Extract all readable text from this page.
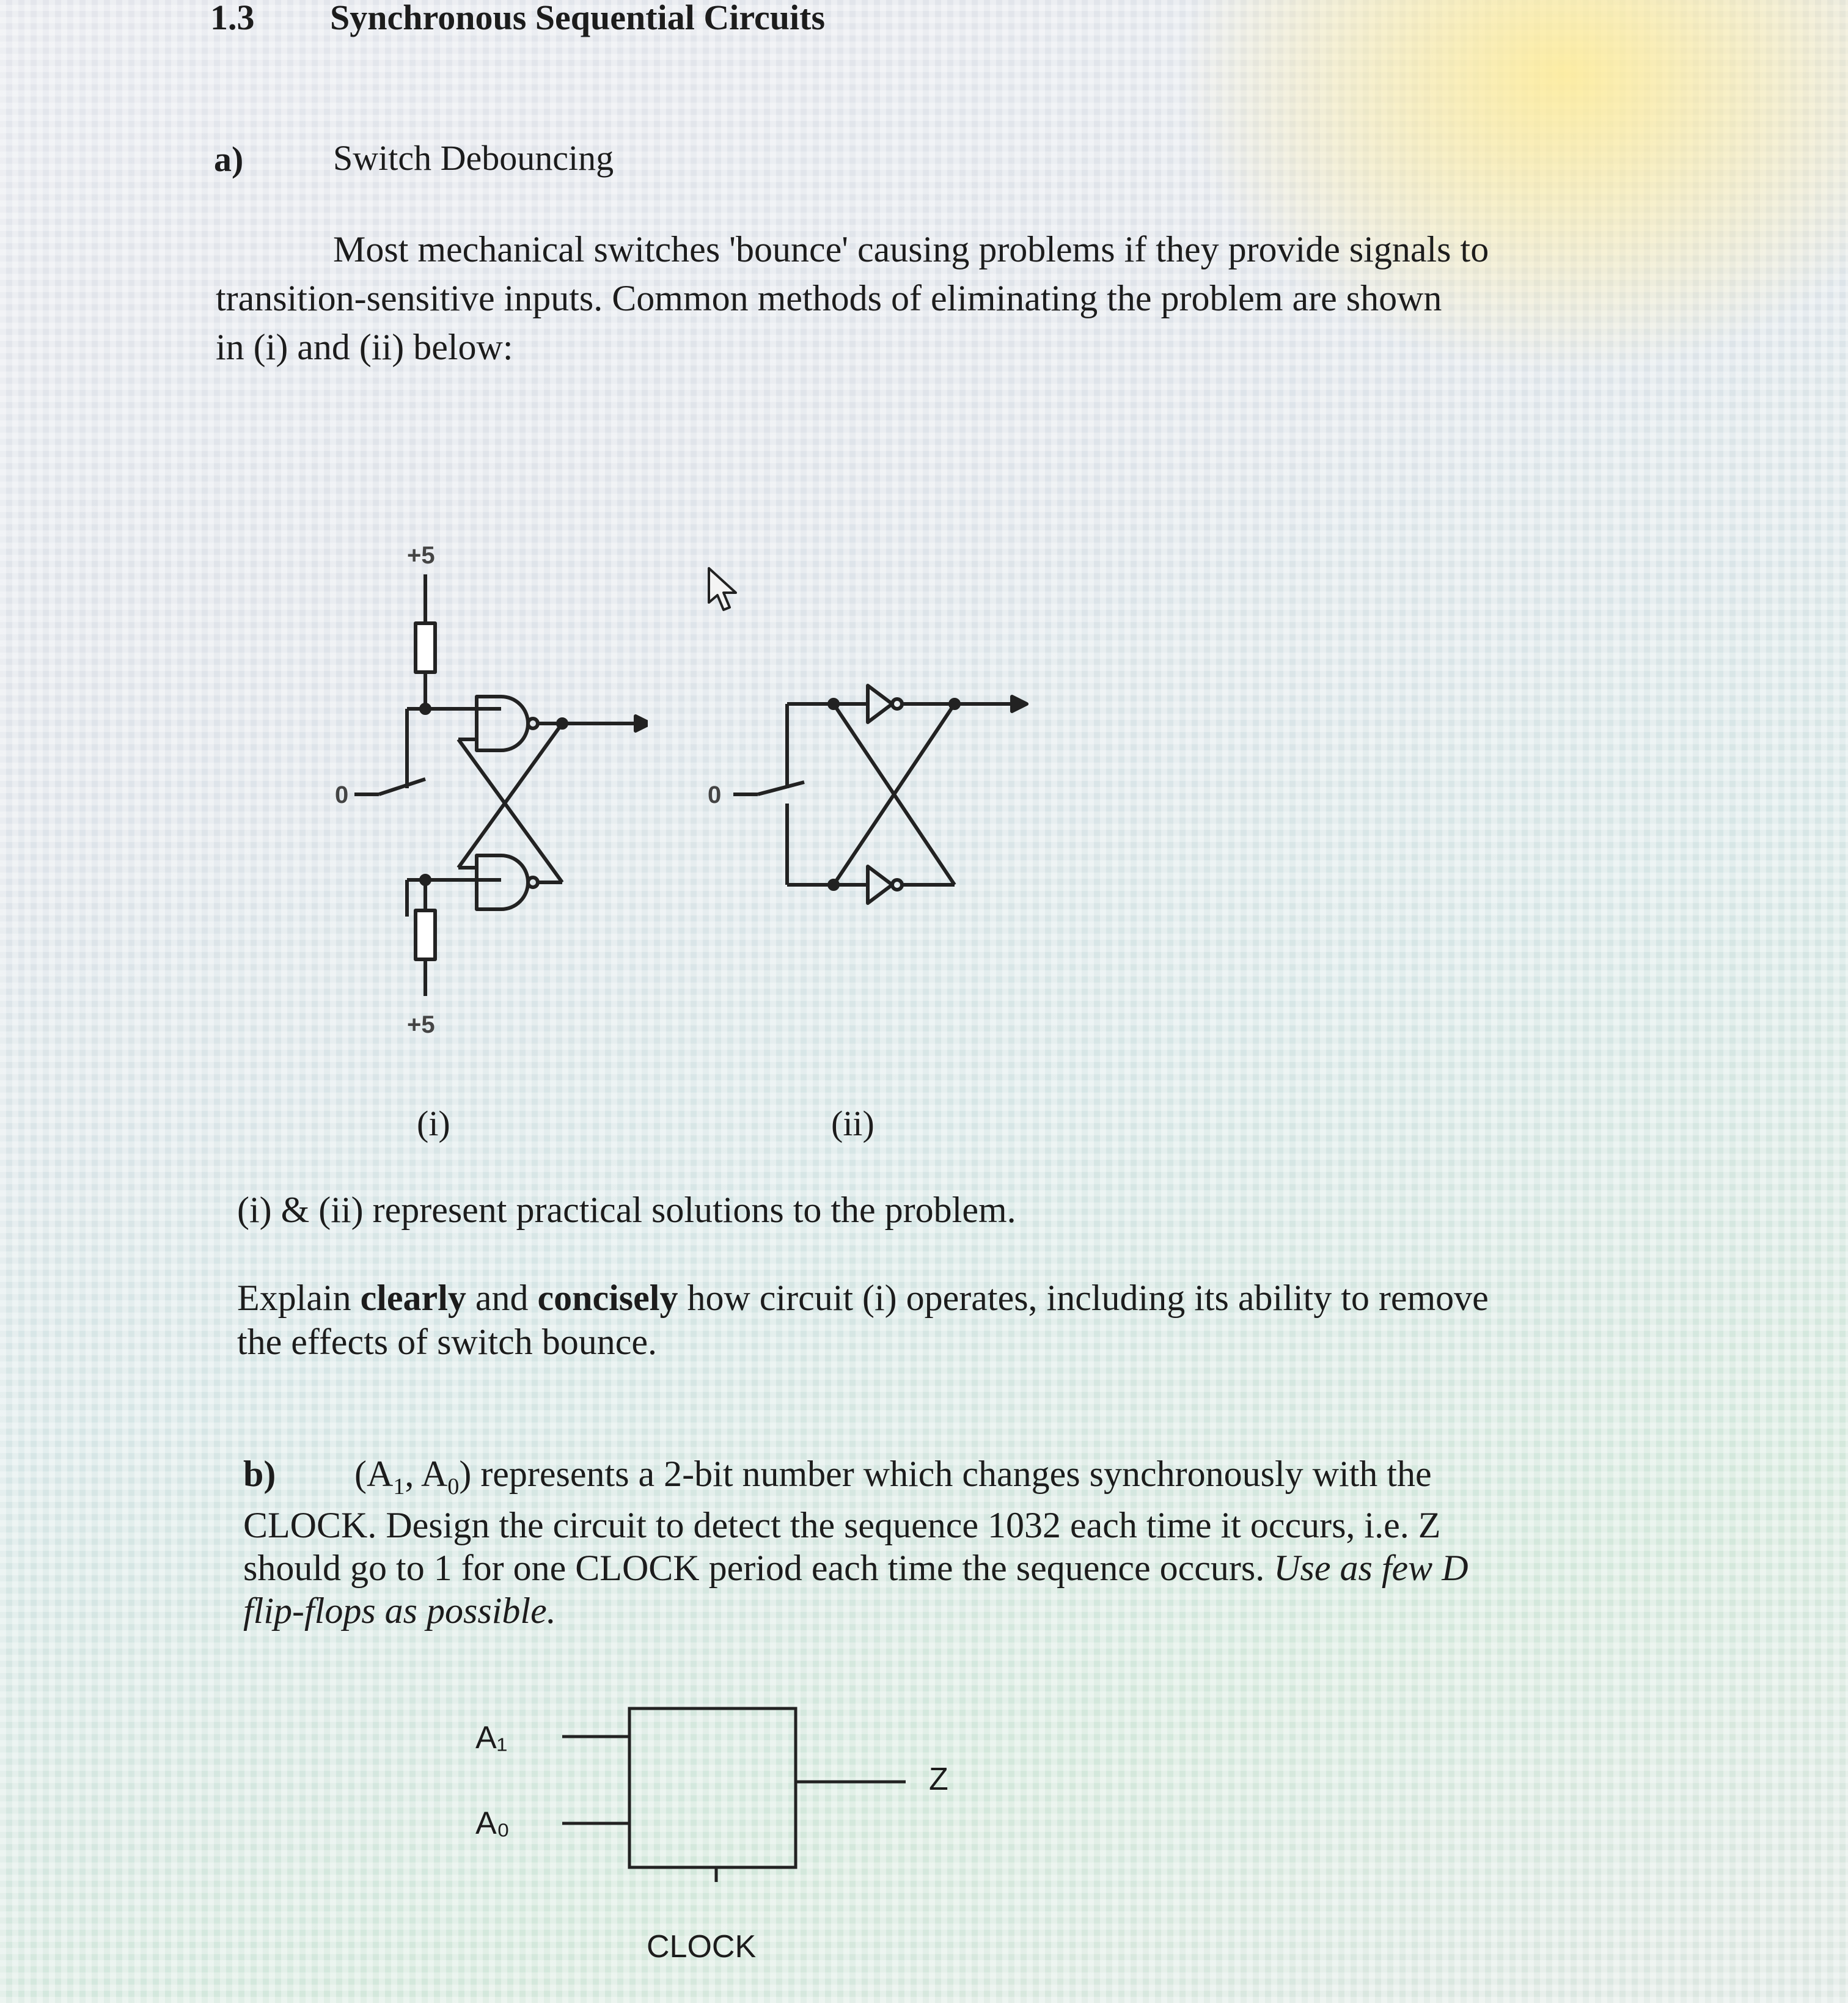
1.3 Synchronous Sequential Circuits
a)	Switch Debouncing
Most mechanical switches 'bounce' causing problems if they provide signals to
transition-sensitive inputs. Common methods of eliminating the problem are shown
in (i) and (ii) below:
+5
+5
0	0
(i)	(ii)
(i) & (ii) represent practical solutions to the problem.
Explain clearly and concisely how circuit (i) operates, including its ability to remove
the effects of switch bounce.
b) ($A_1$, $A_0$) represents a 2-bit number which changes synchronously with the
CLOCK. Design the circuit to detect the sequence 1032 each time it occurs, i.e. Z
should go to 1 for one CLOCK period each time the sequence occurs. Use as few D
flip-flops as possible.
A₁
A₀
Z
CLOCK
